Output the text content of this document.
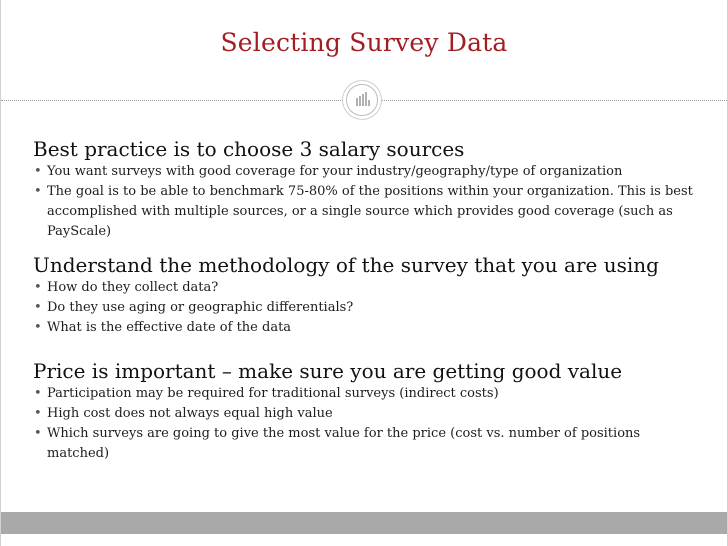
Selecting Survey Data

Best practice is to choose 3 salary sources

• You want surveys with good coverage for your industry/geography/type of organization
• The goal is to be able to benchmark 75-80% of the positions within your organization. This is best accomplished with multiple sources, or a single source which provides good coverage (such as PayScale)

Understand the methodology of the survey that you are using

• How do they collect data?
• Do they use aging or geographic differentials?
• What is the effective date of the data

Price is important – make sure you are getting good value

• Participation may be required for traditional surveys (indirect costs)
• High cost does not always equal high value
• Which surveys are going to give the most value for the price (cost vs. number of positions matched)
